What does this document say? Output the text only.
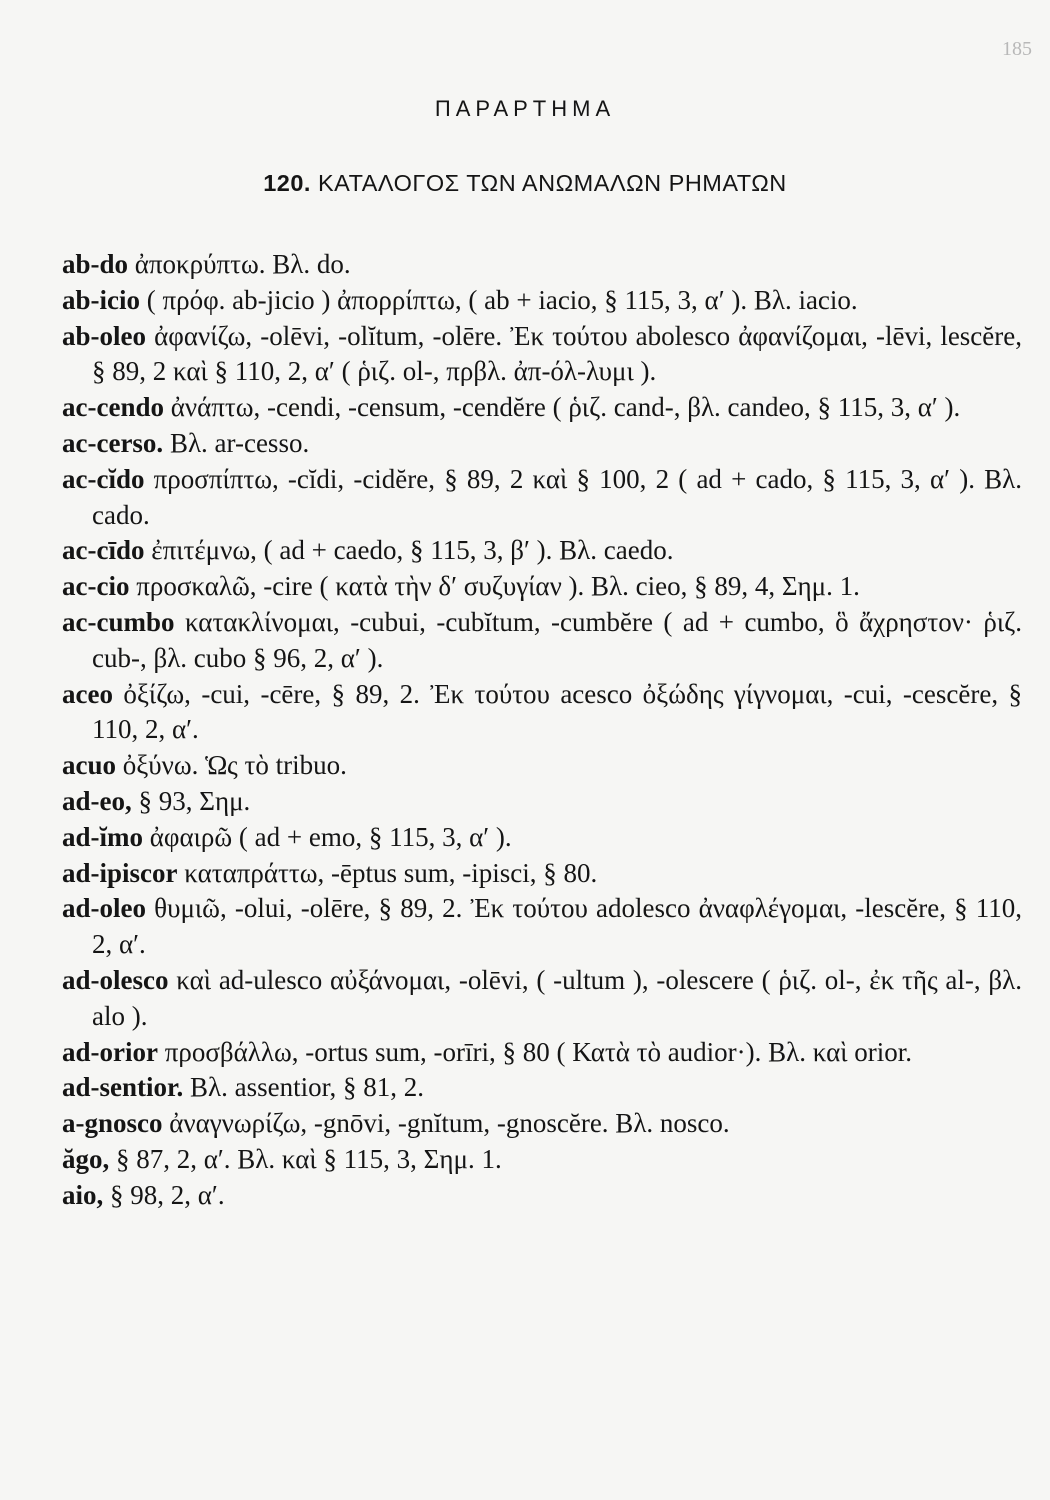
185
ΠΑΡΑΡΤΗΜΑ
120. ΚΑΤΑΛΟΓΟΣ ΤΩΝ ΑΝΩΜΑΛΩΝ ΡΗΜΑΤΩΝ
ab-do ἀποκρύπτω. Βλ. do.
ab-icio ( πρόφ. ab-jicio ) ἀπορρίπτω, ( ab + iacio, § 115, 3, α′ ). Βλ. iacio.
ab-oleo ἀφανίζω, -olēvi, -olĭtum, -olēre. Ἐκ τούτου abolesco ἀφανίζομαι, -lēvi, lescĕre, § 89, 2 καὶ § 110, 2, α′ ( ῥιζ. ol-, πρβλ. ἀπ-όλ-λυμι ).
ac-cendo ἀνάπτω, -cendi, -censum, -cendĕre ( ῥιζ. cand-, βλ. candeo, § 115, 3, α′ ).
ac-cerso. Βλ. ar-cesso.
ac-cĭdo προσπίπτω, -cĭdi, -cidĕre, § 89, 2 καὶ § 100, 2 ( ad + cado, § 115, 3, α′ ). Βλ. cado.
ac-cīdo ἐπιτέμνω, ( ad + caedo, § 115, 3, β′ ). Βλ. caedo.
ac-cio προσκαλῶ, -cire ( κατὰ τὴν δ′ συζυγίαν ). Βλ. cieo, § 89, 4, Σημ. 1.
ac-cumbo κατακλίνομαι, -cubui, -cubĭtum, -cumbĕre ( ad + cumbo, ὃ ἄχρηστον· ῥιζ. cub-, βλ. cubo § 96, 2, α′ ).
aceo ὀξίζω, -cui, -cēre, § 89, 2. Ἐκ τούτου acesco ὀξώδης γίγνομαι, -cui, -cescĕre, § 110, 2, α′.
acuo ὀξύνω. Ὡς τὸ tribuo.
ad-eo, § 93, Σημ.
ad-ĭmo ἀφαιρῶ ( ad + emo, § 115, 3, α′ ).
ad-ipiscor καταπράττω, -ēptus sum, -ipisci, § 80.
ad-oleo θυμιῶ, -olui, -olēre, § 89, 2. Ἐκ τούτου adolesco ἀναφλέγομαι, -lescĕre, § 110, 2, α′.
ad-olesco καὶ ad-ulesco αὐξάνομαι, -olēvi, ( -ultum ), -olescere ( ῥιζ. ol-, ἐκ τῆς al-, βλ. alo ).
ad-orior προσβάλλω, -ortus sum, -orīri, § 80 ( Κατὰ τὸ audior·). Βλ. καὶ orior.
ad-sentior. Βλ. assentior, § 81, 2.
a-gnosco ἀναγνωρίζω, -gnōvi, -gnĭtum, -gnoscĕre. Βλ. nosco.
ăgo, § 87, 2, α′. Βλ. καὶ § 115, 3, Σημ. 1.
aio, § 98, 2, α′.
